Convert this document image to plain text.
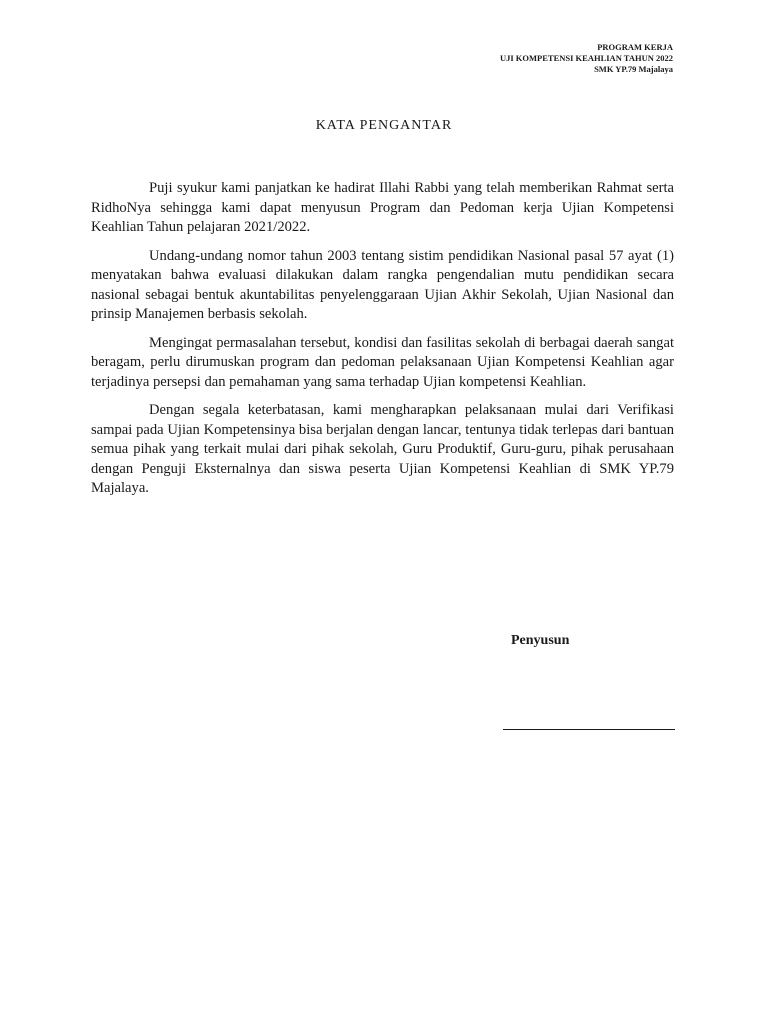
PROGRAM KERJA
UJI KOMPETENSI KEAHLIAN TAHUN 2022
SMK YP.79 Majalaya
KATA PENGANTAR

Puji syukur kami panjatkan ke hadirat Illahi Rabbi yang telah memberikan Rahmat serta RidhoNya sehingga kami dapat menyusun Program dan Pedoman kerja Ujian Kompetensi Keahlian Tahun pelajaran 2021/2022.

Undang-undang nomor tahun 2003 tentang sistim pendidikan Nasional pasal 57 ayat (1) menyatakan bahwa evaluasi dilakukan dalam rangka pengendalian mutu pendidikan secara nasional sebagai bentuk akuntabilitas penyelenggaraan Ujian Akhir Sekolah, Ujian Nasional dan prinsip Manajemen berbasis sekolah.

Mengingat permasalahan tersebut, kondisi dan fasilitas sekolah di berbagai daerah sangat beragam, perlu dirumuskan program dan pedoman pelaksanaan Ujian Kompetensi Keahlian agar terjadinya persepsi dan pemahaman yang sama terhadap Ujian kompetensi Keahlian.

Dengan segala keterbatasan, kami mengharapkan pelaksanaan mulai dari Verifikasi sampai pada Ujian Kompetensinya bisa berjalan dengan lancar, tentunya tidak terlepas dari bantuan semua pihak yang terkait mulai dari pihak sekolah, Guru Produktif, Guru-guru, pihak perusahaan dengan Penguji Eksternalnya dan siswa peserta Ujian Kompetensi Keahlian di SMK YP.79 Majalaya.

Penyusun
